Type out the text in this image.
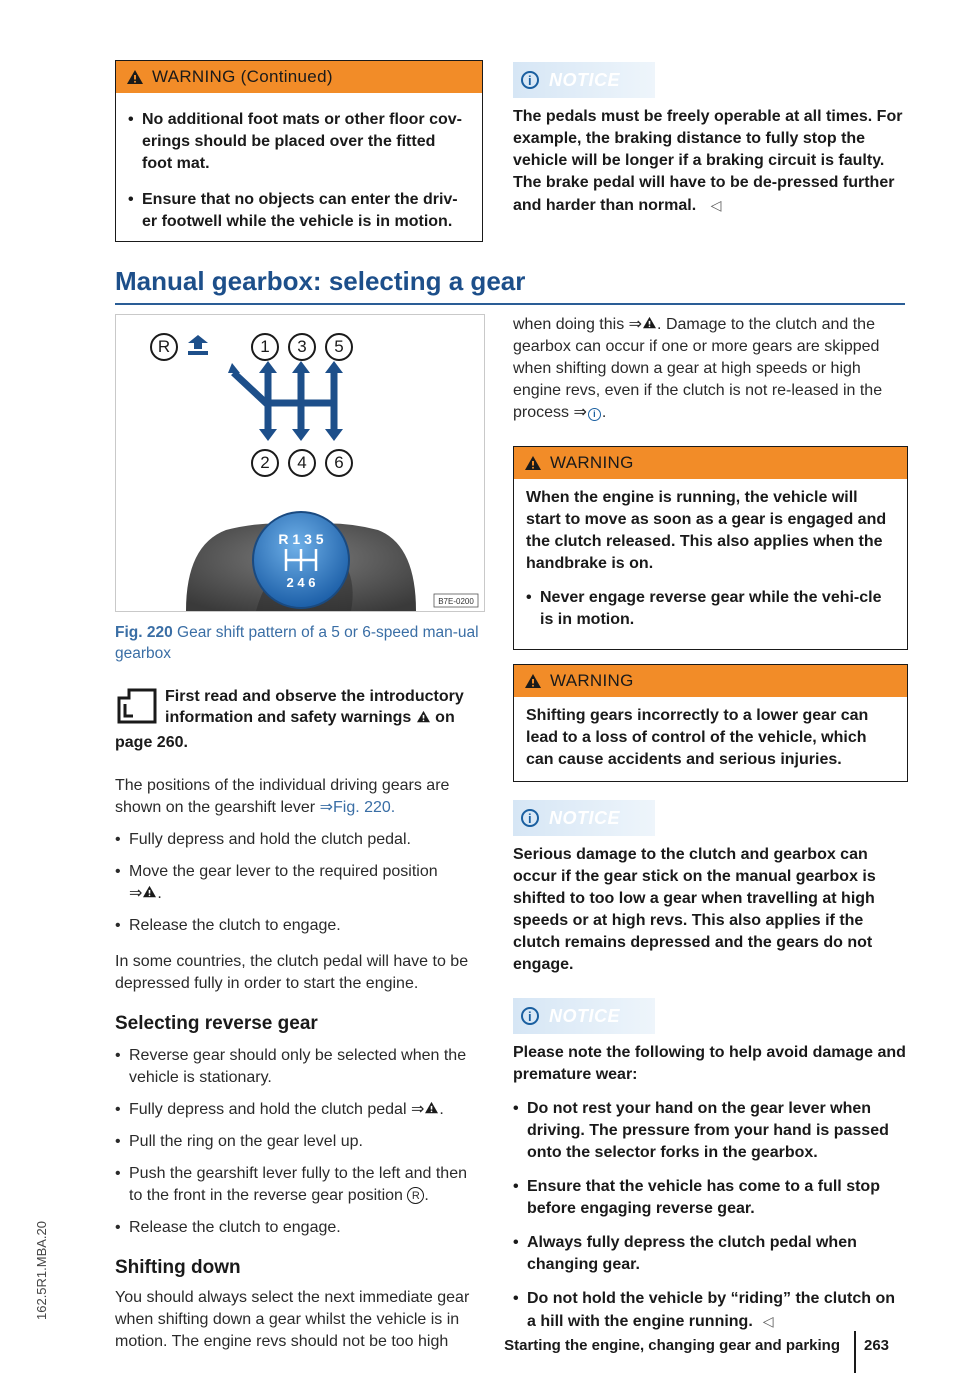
WARNING (Continued)
• No additional foot mats or other floor cov-erings should be placed over the fitted foot mat.
• Ensure that no objects can enter the driv-er footwell while the vehicle is in motion.
Manual gearbox: selecting a gear
R 1 3 5
2 4 6
B7E-0200
R	1	3	5
2	4	6

Fig. 220 Gear shift pattern of a 5 or 6-speed man-ual gearbox

First read and observe the introductory
information and safety warnings on
page 260.

The positions of the individual driving gears are shown on the gearshift lever ⇒Fig. 220.

• Fully depress and hold the clutch pedal.
• Move the gear lever to the required position
⇒ .
• Release the clutch to engage.

In some countries, the clutch pedal will have to be depressed fully in order to start the engine.

Selecting reverse gear
• Reverse gear should only be selected when the vehicle is stationary.
• Fully depress and hold the clutch pedal ⇒ .
• Pull the ring on the gear level up.
• Push the gearshift lever fully to the left and then to the front in the reverse gear position R .
• Release the clutch to engage.
Shifting down

You should always select the next immediate gear when shifting down a gear whilst the vehicle is in motion. The engine revs should not be too high

i NOTICE

The pedals must be freely operable at all times. For example, the braking distance to fully stop the vehicle will be longer if a braking circuit is faulty. The brake pedal will have to be de-pressed further and harder than normal. ◁

when doing this ⇒ . Damage to the clutch and the gearbox can occur if one or more gears are skipped when shifting down a gear at high speeds or high engine revs, even if the clutch is not re-leased in the process ⇒ i .

WARNING

When the engine is running, the vehicle will start to move as soon as a gear is engaged and the clutch released. This also applies when the handbrake is on.

• Never engage reverse gear while the vehi-cle is in motion.
WARNING

Shifting gears incorrectly to a lower gear can lead to a loss of control of the vehicle, which can cause accidents and serious injuries.

i NOTICE

Serious damage to the clutch and gearbox can occur if the gear stick on the manual gearbox is shifted to too low a gear when travelling at high speeds or at high revs. This also applies if the clutch remains depressed and the gears do not engage.

i NOTICE

Please note the following to help avoid damage and premature wear:

• Do not rest your hand on the gear lever when driving. The pressure from your hand is passed onto the selector forks in the gearbox.
• Ensure that the vehicle has come to a full stop before engaging reverse gear.
• Always fully depress the clutch pedal when changing gear.
• Do not hold the vehicle by “riding” the clutch on a hill with the engine running. ◁
162.5R1.MBA.20
Starting the engine, changing gear and parking 263
